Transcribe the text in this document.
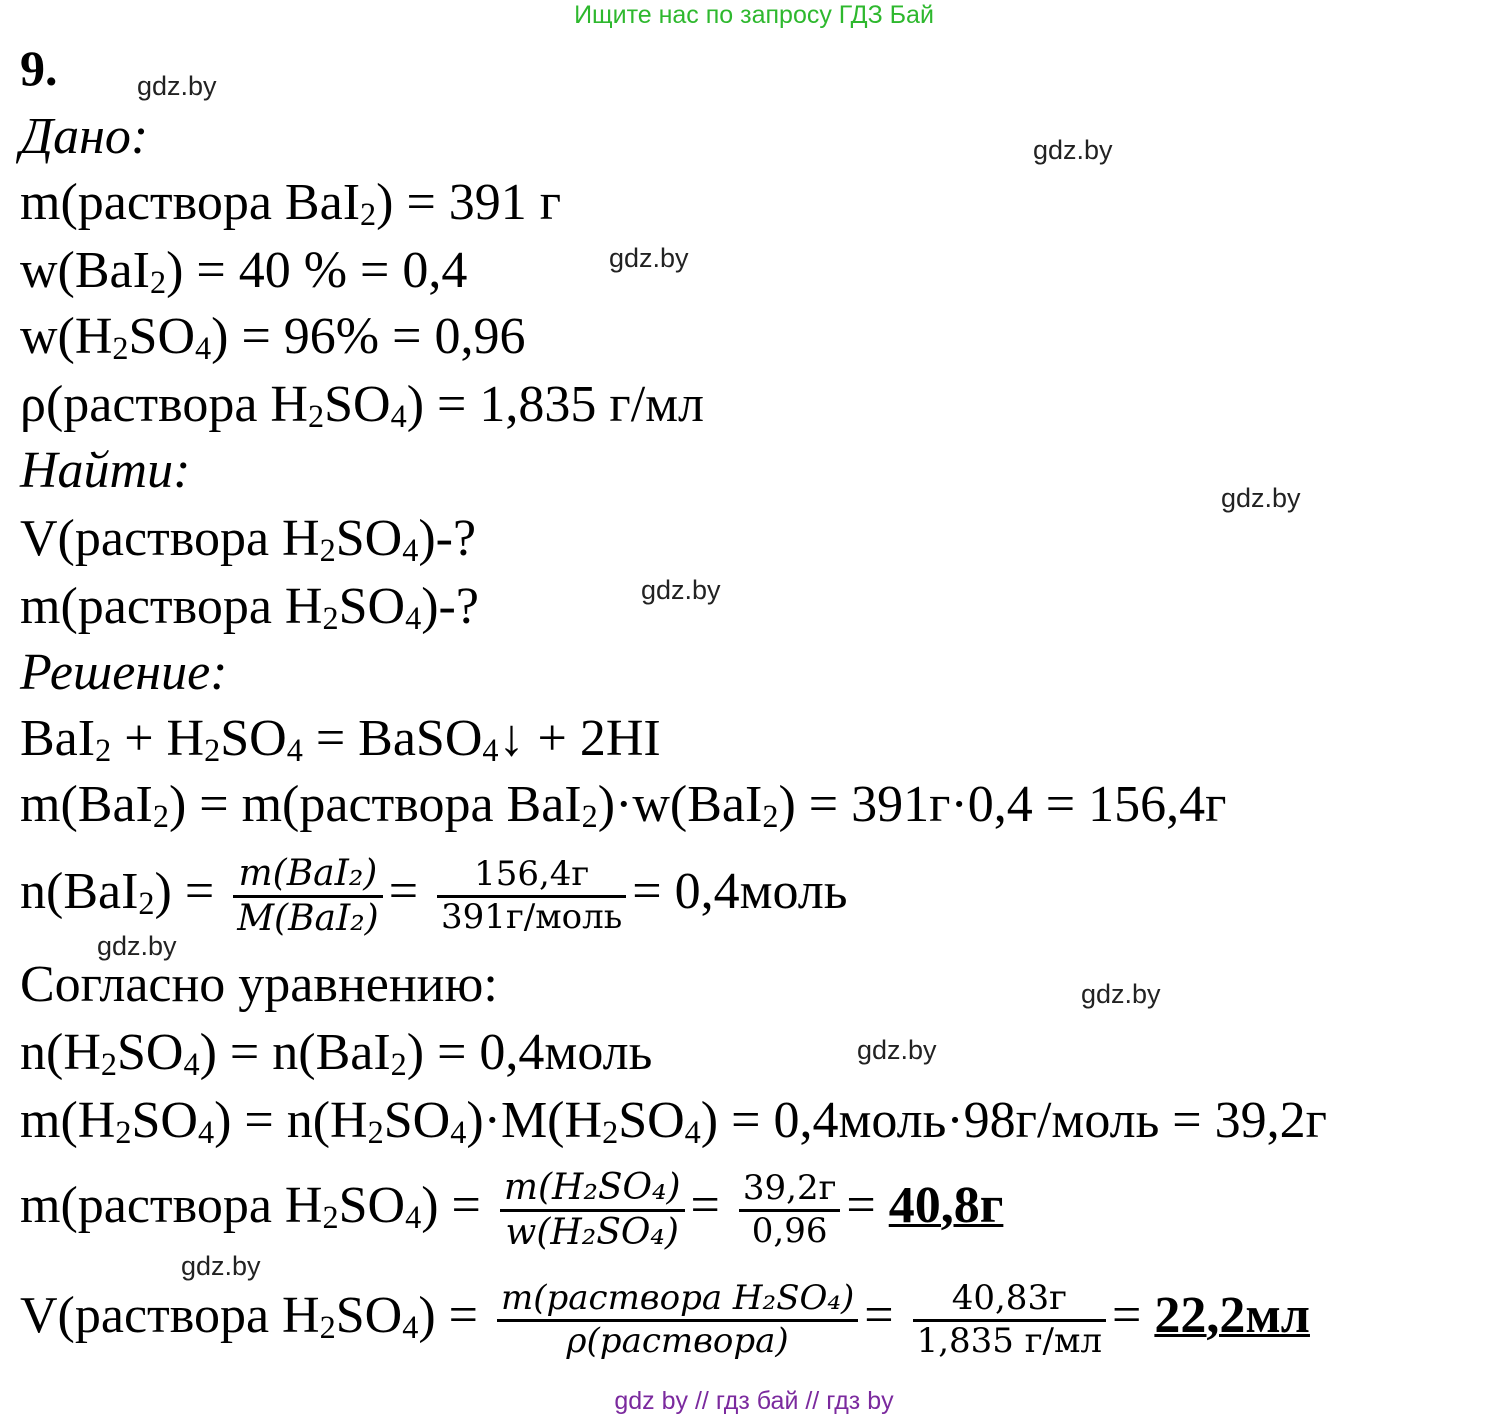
Ищите нас по запросу ГДЗ Бай
9.	gdz.by
gdz.by
gdz.by
gdz.by
gdz.by
gdz.by
gdz.by
gdz.by
gdz.by
Дано:
m(раствора BaI$_2$) = 391 г
w(BaI$_2$) = 40 % = 0,4
$w(H_2SO_4) = 96\% = 0,96$
ρ(раствора $H_2SO_4) = 1,835$ г/мл
Найти:
V(раствора $H_2SO_4)-$?
m(раствора $H_2SO_4)-$?
Решение:
$BaI_2 + H_2SO_4$ = BaSO$_4$↓ + 2HI
m(BaI$_2$) = m(раствора BaI$_2$)·w(BaI$_2$) = 391г·0,4 = 156,4г
$n(BaI_2) = \frac{\text{m(BaI₂)}}{\text{M(BaI₂)}} = \frac{156,4г}{\text{391г/моль}}$ = 0,4моль
Согласно уравнению:
$n(H_2SO_4) = n(BaI_2)$ = 0,4моль
$m(H_2SO_4) = n(H_2SO_4)\cdot M(H_2SO_4)$ = 0,4моль·98г/моль = 39,2г
m(раствора $H_2SO_4) = \frac{\text{m(H₂SO₄)}}{\text{w(H₂SO₄)}} = \frac{39,2г}{0,96} = 40,8г$
V(раствора $H_2SO_4) = \frac{\text{m(раствора H₂SO₄)}}{\text{ρ(раствора)}} = \frac{40,83г}{1,835 г/мл} = 22,2мл$
gdz by // гдз бай // гдз by
